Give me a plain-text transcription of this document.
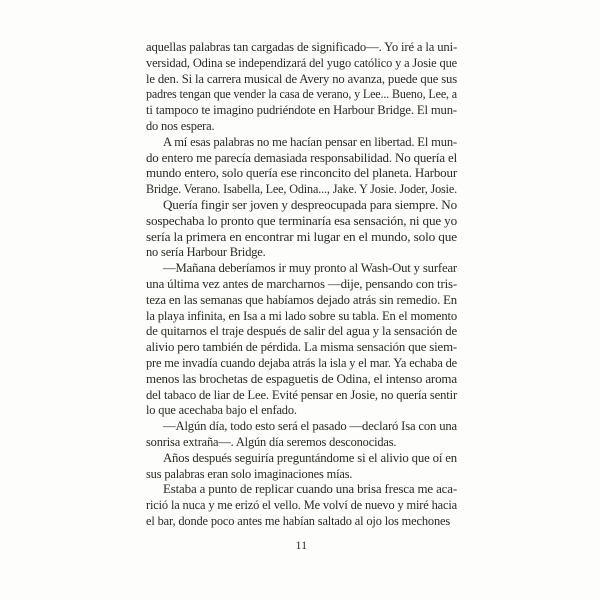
aquellas palabras tan cargadas de significado—. Yo iré a la uni-
versidad, Odina se independizará del yugo católico y a Josie que
le den. Si la carrera musical de Avery no avanza, puede que sus
padres tengan que vender la casa de verano, y Lee... Bueno, Lee, a
ti tampoco te imagino pudriéndote en Harbour Bridge. El mun-
do nos espera.
A mí esas palabras no me hacían pensar en libertad. El mun-
do entero me parecía demasiada responsabilidad. No quería el
mundo entero, solo quería ese rinconcito del planeta. Harbour
Bridge. Verano. Isabella, Lee, Odina..., Jake. Y Josie. Joder, Josie.
Quería fingir ser joven y despreocupada para siempre. No
sospechaba lo pronto que terminaría esa sensación, ni que yo
sería la primera en encontrar mi lugar en el mundo, solo que
no sería Harbour Bridge.
—Mañana deberíamos ir muy pronto al Wash-Out y surfear
una última vez antes de marcharnos —dije, pensando con tris-
teza en las semanas que habíamos dejado atrás sin remedio. En
la playa infinita, en Isa a mi lado sobre su tabla. En el momento
de quitarnos el traje después de salir del agua y la sensación de
alivio pero también de pérdida. La misma sensación que siem-
pre me invadía cuando dejaba atrás la isla y el mar. Ya echaba de
menos las brochetas de espaguetis de Odina, el intenso aroma
del tabaco de liar de Lee. Evité pensar en Josie, no quería sentir
lo que acechaba bajo el enfado.
—Algún día, todo esto será el pasado —declaró Isa con una
sonrisa extraña—. Algún día seremos desconocidas.
Años después seguiría preguntándome si el alivio que oí en
sus palabras eran solo imaginaciones mías.
Estaba a punto de replicar cuando una brisa fresca me aca-
rició la nuca y me erizó el vello. Me volví de nuevo y miré hacia
el bar, donde poco antes me habían saltado al ojo los mechones
11
